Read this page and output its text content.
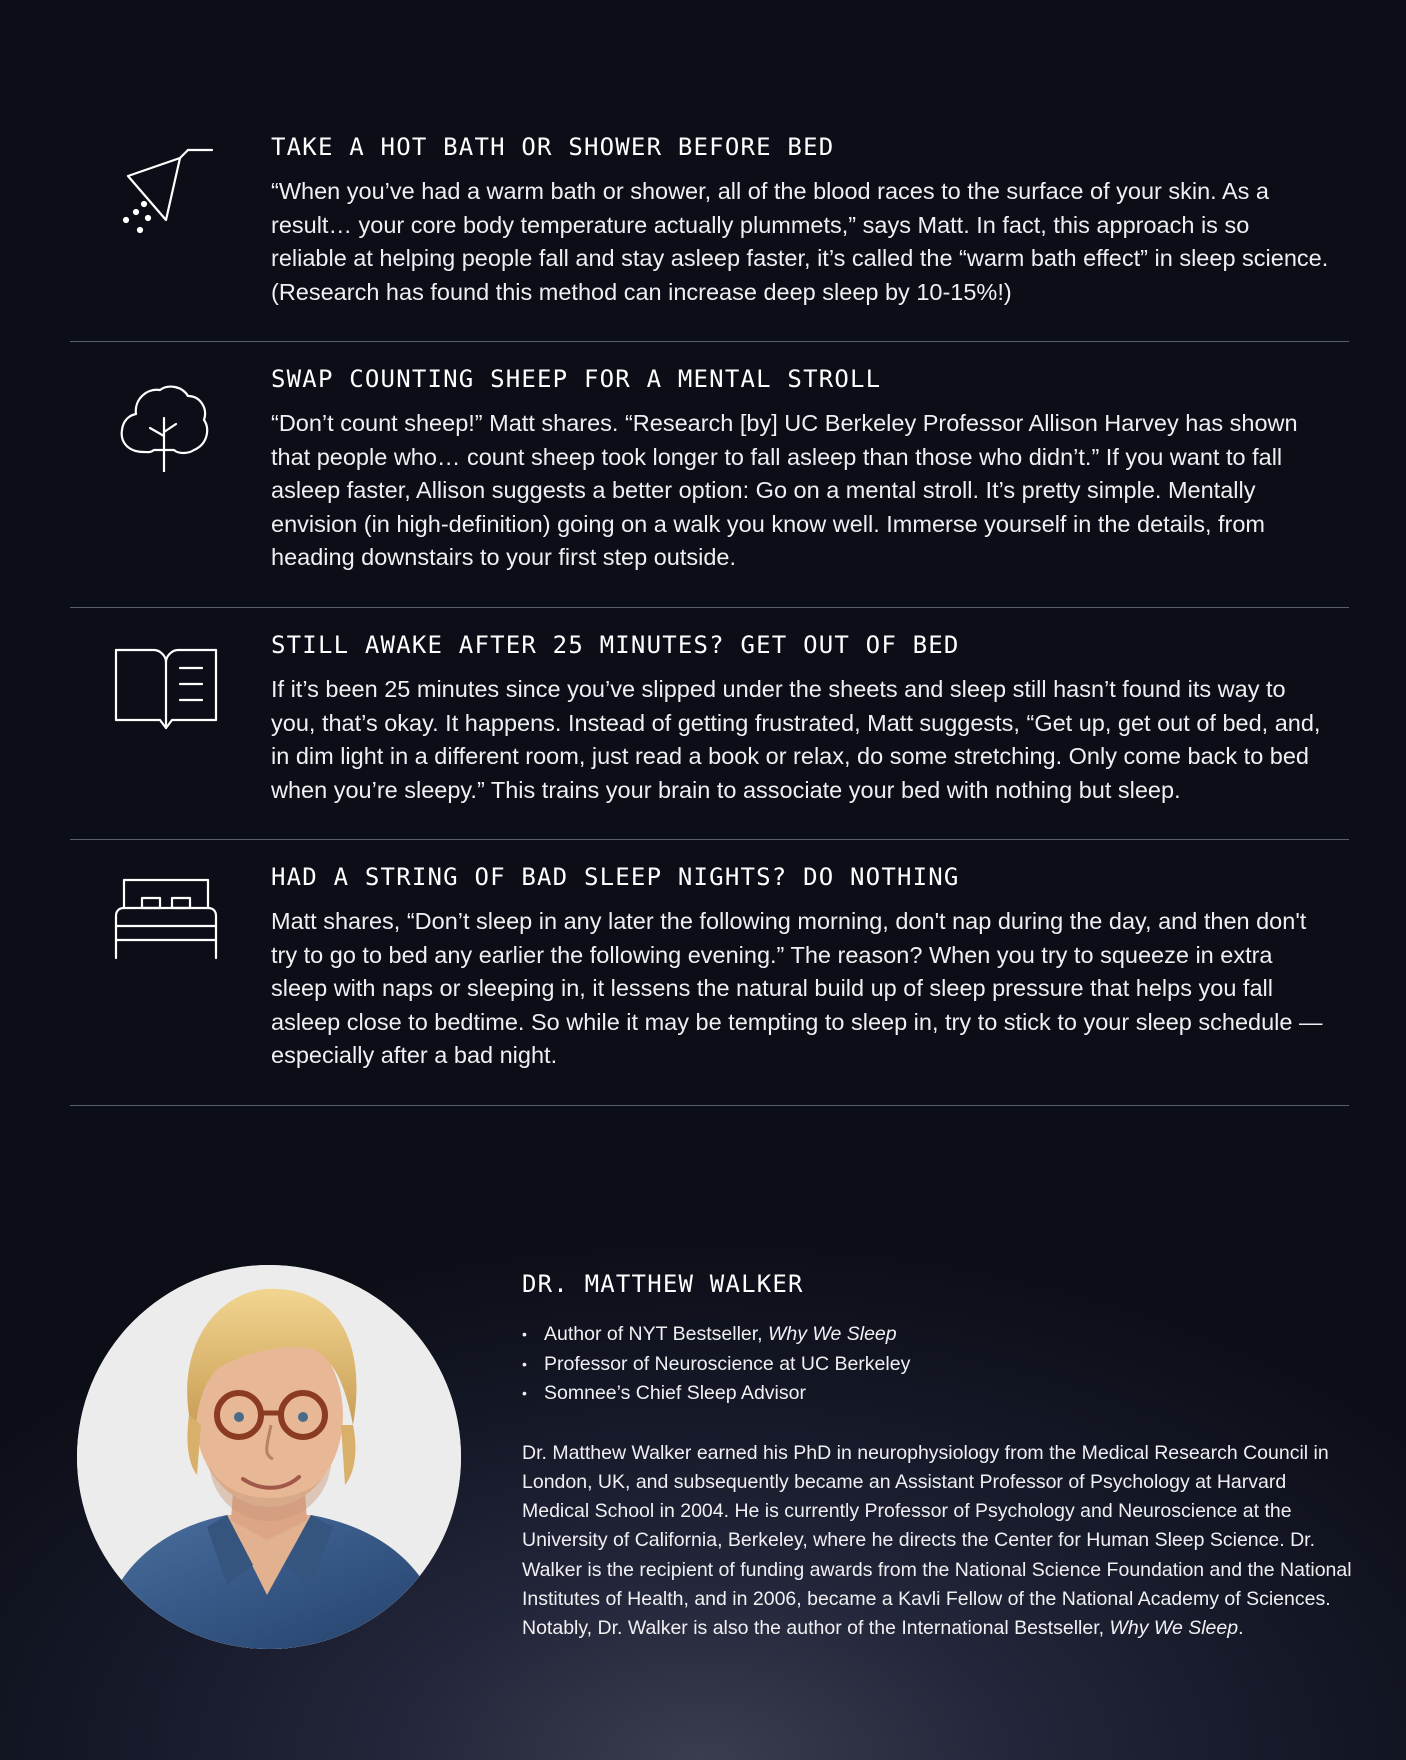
TAKE A HOT BATH OR SHOWER BEFORE BED

“When you’ve had a warm bath or shower, all of the blood races to the surface of your skin. As a result… your core body temperature actually plummets,” says Matt. In fact, this approach is so reliable at helping people fall and stay asleep faster, it’s called the “warm bath effect” in sleep science. (Research has found this method can increase deep sleep by 10-15%!)

SWAP COUNTING SHEEP FOR A MENTAL STROLL

“Don’t count sheep!” Matt shares. “Research [by] UC Berkeley Professor Allison Harvey has shown that people who… count sheep took longer to fall asleep than those who didn’t.” If you want to fall asleep faster, Allison suggests a better option: Go on a mental stroll. It’s pretty simple. Mentally envision (in high-definition) going on a walk you know well. Immerse yourself in the details, from heading downstairs to your first step outside.

STILL AWAKE AFTER 25 MINUTES? GET OUT OF BED

If it’s been 25 minutes since you’ve slipped under the sheets and sleep still hasn’t found its way to you, that’s okay. It happens. Instead of getting frustrated, Matt suggests, “Get up, get out of bed, and, in dim light in a different room, just read a book or relax, do some stretching. Only come back to bed when you’re sleepy.” This trains your brain to associate your bed with nothing but sleep.

HAD A STRING OF BAD SLEEP NIGHTS? DO NOTHING

Matt shares, “Don’t sleep in any later the following morning, don't nap during the day, and then don't try to go to bed any earlier the following evening.” The reason? When you try to squeeze in extra sleep with naps or sleeping in, it lessens the natural build up of sleep pressure that helps you fall asleep close to bedtime. So while it may be tempting to sleep in, try to stick to your sleep schedule — especially after a bad night.

DR. MATTHEW WALKER
• Author of NYT Bestseller, Why We Sleep
• Professor of Neuroscience at UC Berkeley
• Somnee’s Chief Sleep Advisor

Dr. Matthew Walker earned his PhD in neurophysiology from the Medical Research Council in London, UK, and subsequently became an Assistant Professor of Psychology at Harvard Medical School in 2004. He is currently Professor of Psychology and Neuroscience at the University of California, Berkeley, where he directs the Center for Human Sleep Science. Dr. Walker is the recipient of funding awards from the National Science Foundation and the National Institutes of Health, and in 2006, became a Kavli Fellow of the National Academy of Sciences. Notably, Dr. Walker is also the author of the International Bestseller, Why We Sleep.
